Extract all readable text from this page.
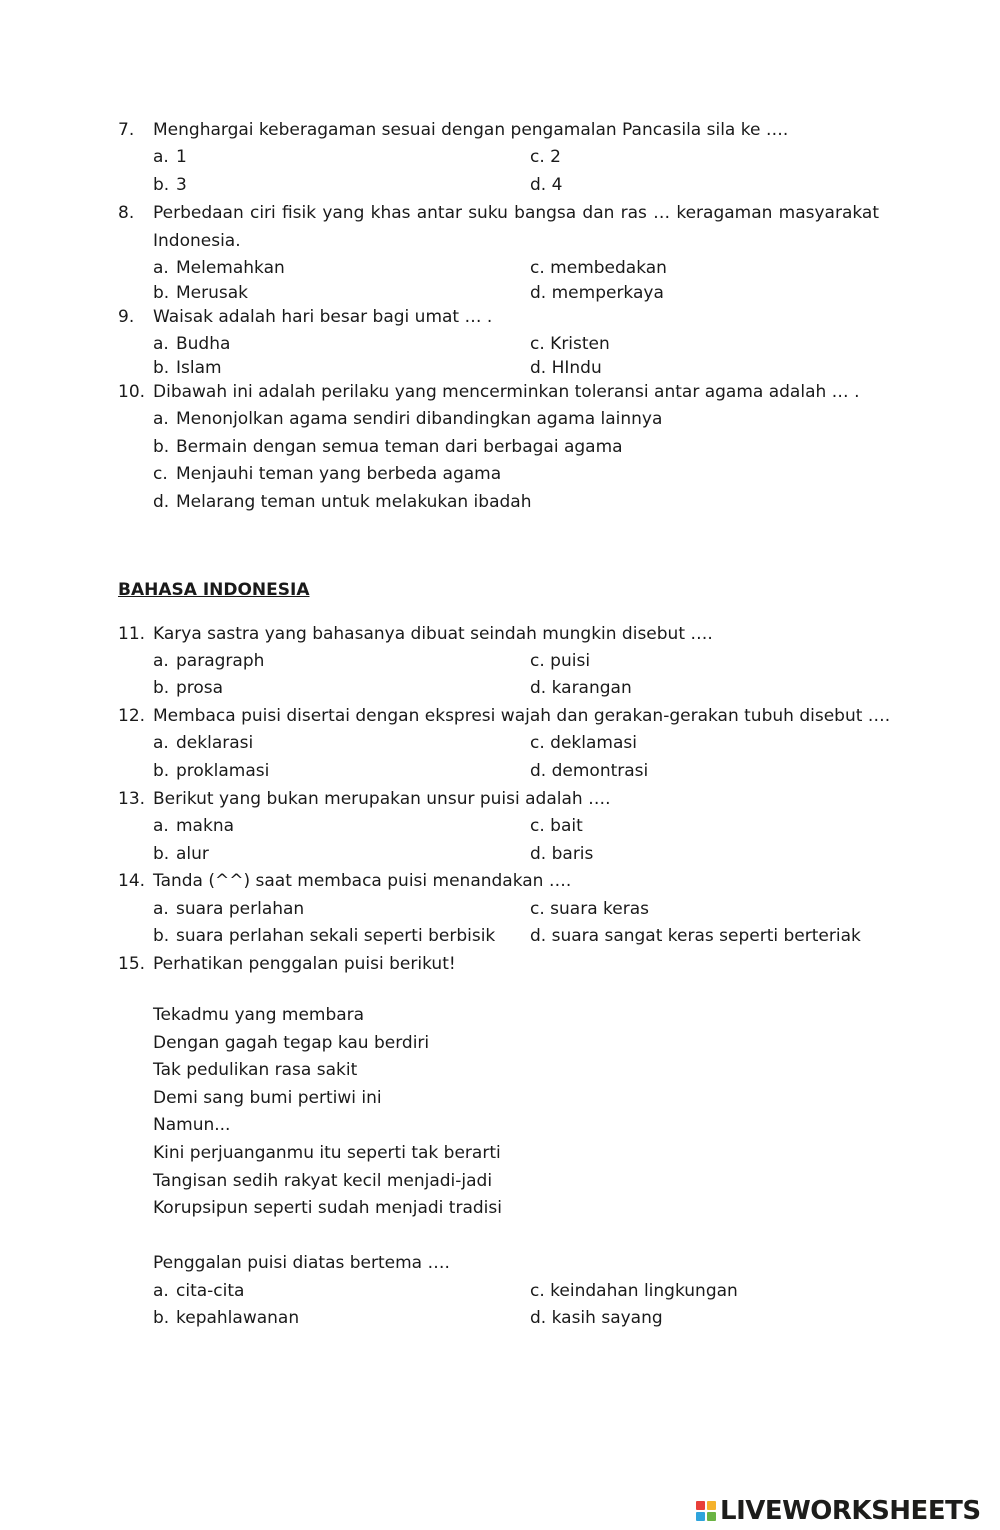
7. Menghargai keberagaman sesuai dengan pengamalan Pancasila sila ke ….
a. 1	c. 2
b. 3	d. 4
8. Perbedaan ciri fisik yang khas antar suku bangsa dan ras … keragaman masyarakat
Indonesia.
a. Melemahkan	c. membedakan
b. Merusak	d. memperkaya
9. Waisak adalah hari besar bagi umat … .
a. Budha	c. Kristen
b. Islam	d. HIndu
10. Dibawah ini adalah perilaku yang mencerminkan toleransi antar agama adalah … .
a. Menonjolkan agama sendiri dibandingkan agama lainnya
b. Bermain dengan semua teman dari berbagai agama
c. Menjauhi teman yang berbeda agama
d. Melarang teman untuk melakukan ibadah
BAHASA INDONESIA
11. Karya sastra yang bahasanya dibuat seindah mungkin disebut ….
a. paragraph	c. puisi
b. prosa	d. karangan
12. Membaca puisi disertai dengan ekspresi wajah dan gerakan-gerakan tubuh disebut ….
a. deklarasi	c. deklamasi
b. proklamasi	d. demontrasi
13. Berikut yang bukan merupakan unsur puisi adalah ….
a. makna	c. bait
b. alur	d. baris
14. Tanda (^^) saat membaca puisi menandakan ….
a. suara perlahan	c. suara keras
b. suara perlahan sekali seperti berbisik d. suara sangat keras seperti berteriak
15. Perhatikan penggalan puisi berikut!
Tekadmu yang membara
Dengan gagah tegap kau berdiri
Tak pedulikan rasa sakit
Demi sang bumi pertiwi ini
Namun...
Kini perjuanganmu itu seperti tak berarti
Tangisan sedih rakyat kecil menjadi-jadi
Korupsipun seperti sudah menjadi tradisi
Penggalan puisi diatas bertema ….
a. cita-cita	c. keindahan lingkungan
b. kepahlawanan	d. kasih sayang
LIVEWORKSHEETS
